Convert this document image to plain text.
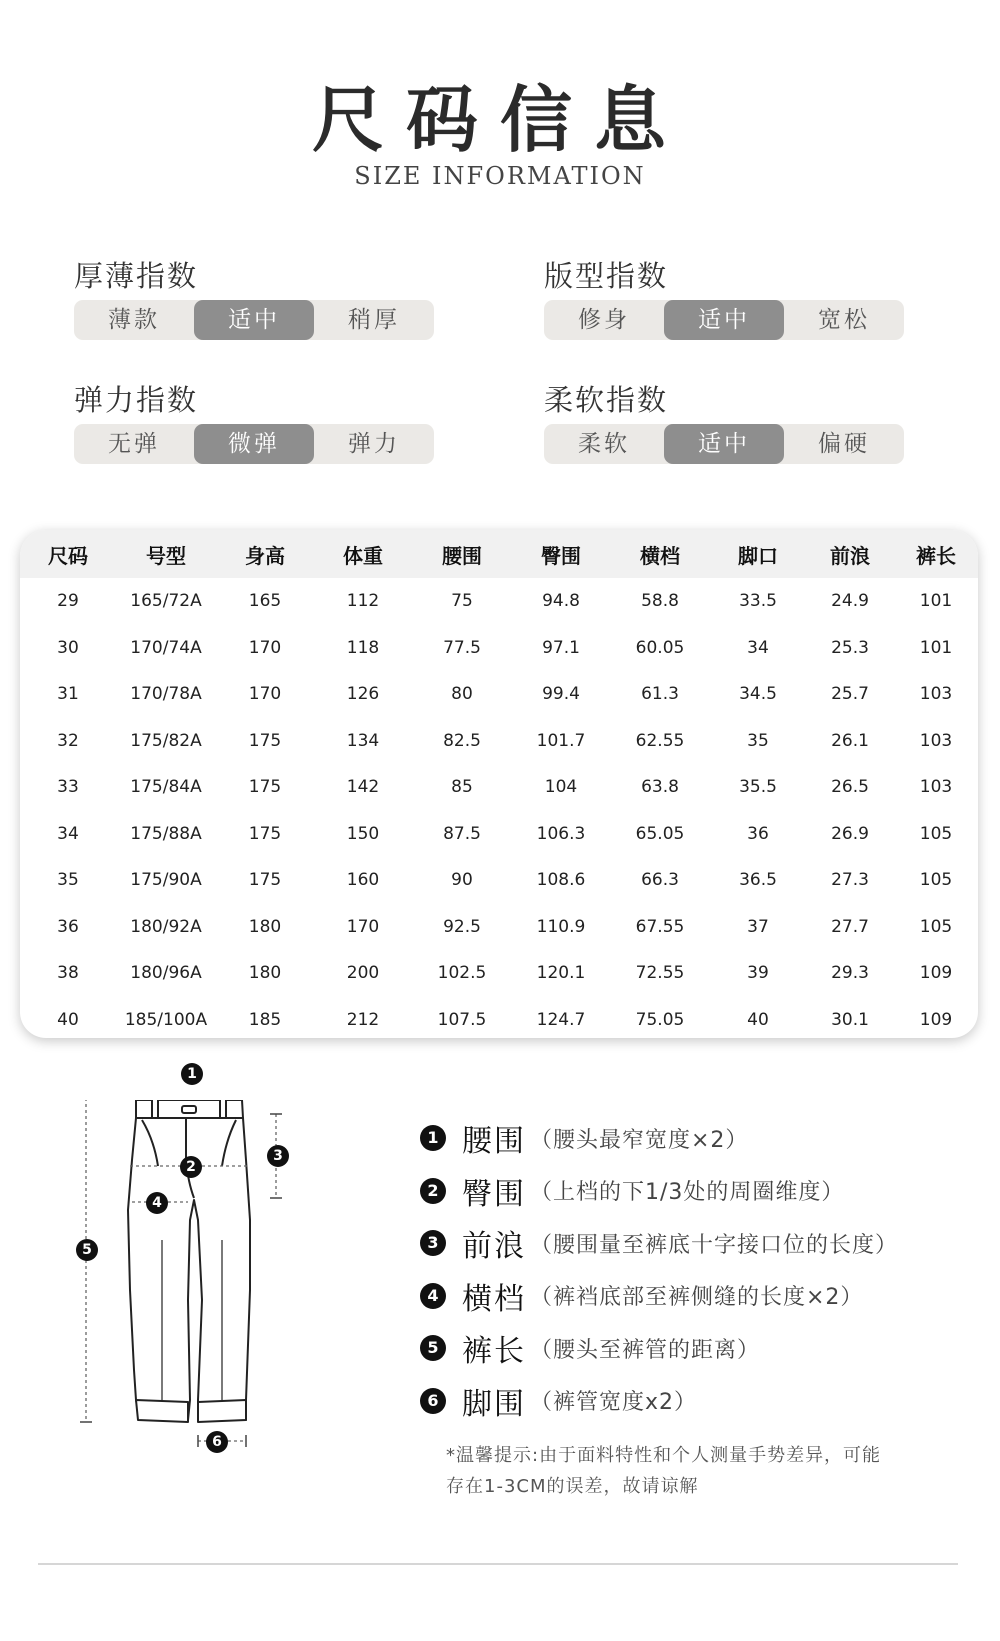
尺码信息
SIZE INFORMATION
厚薄指数
薄款	适中	稍厚
版型指数
修身	适中	宽松
弹力指数
无弹	微弹	弹力
柔软指数
柔软	适中	偏硬
尺码	号型	身高	体重	腰围	臀围	横档	脚口	前浪	裤长
29	165/72A	165	112	75	94.8	58.8	33.5	24.9	101
30	170/74A	170	118	77.5	97.1	60.05	34	25.3	101
31	170/78A	170	126	80	99.4	61.3	34.5	25.7	103
32	175/82A	175	134	82.5	101.7	62.55	35	26.1	103
33	175/84A	175	142	85	104	63.8	35.5	26.5	103
34	175/88A	175	150	87.5	106.3	65.05	36	26.9	105
35	175/90A	175	160	90	108.6	66.3	36.5	27.3	105
36	180/92A	180	170	92.5	110.9	67.55	37	27.7	105
38	180/96A	180	200	102.5	120.1	72.55	39	29.3	109
40	185/100A	185	212	107.5	124.7	75.05	40	30.1	109
1
2
3
4
5
6
1 腰围 （腰头最窄宽度×2）
2 臀围 （上档的下1/3处的周圈维度）
3 前浪 （腰围量至裤底十字接口位的长度）
4 横档 （裤裆底部至裤侧缝的长度×2）
5 裤长 （腰头至裤管的距离）
6 脚围 （裤管宽度x2）
*温馨提示:由于面料特性和个人测量手势差异，可能
存在1-3CM的误差，故请谅解
